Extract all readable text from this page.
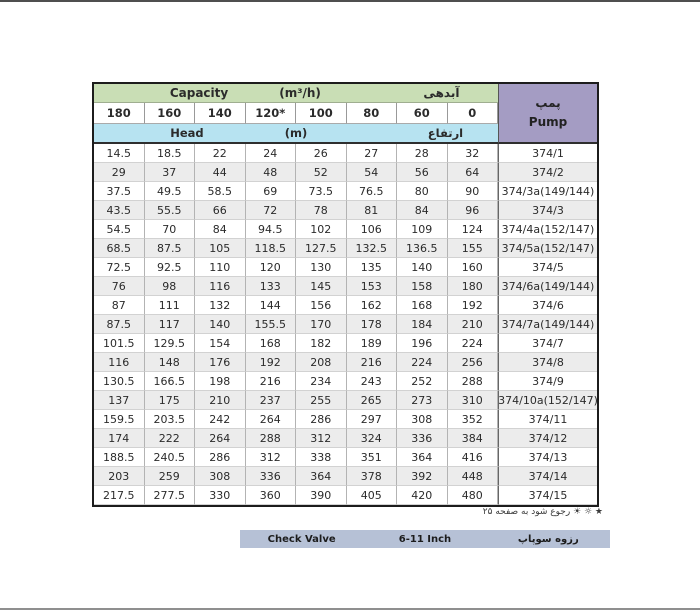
Capacity	(m³/h)	آبدهی
پمپ
Pump
180	160	140	120*	100	80	60	0
Head	(m)	ارتفاع
14.5	18.5	22	24	26	27	28	32	374/1
29	37	44	48	52	54	56	64	374/2
37.5	49.5	58.5	69	73.5	76.5	80	90	374/3a(149/144)
43.5	55.5	66	72	78	81	84	96	374/3
54.5	70	84	94.5	102	106	109	124	374/4a(152/147)
68.5	87.5	105	118.5	127.5	132.5	136.5	155	374/5a(152/147)
72.5	92.5	110	120	130	135	140	160	374/5
76	98	116	133	145	153	158	180	374/6a(149/144)
87	111	132	144	156	162	168	192	374/6
87.5	117	140	155.5	170	178	184	210	374/7a(149/144)
101.5	129.5	154	168	182	189	196	224	374/7
116	148	176	192	208	216	224	256	374/8
130.5	166.5	198	216	234	243	252	288	374/9
137	175	210	237	255	265	273	310	374/10a(152/147)
159.5	203.5	242	264	286	297	308	352	374/11
174	222	264	288	312	324	336	384	374/12
188.5	240.5	286	312	338	351	364	416	374/13
203	259	308	336	364	378	392	448	374/14
217.5	277.5	330	360	390	405	420	480	374/15
★ ☼ ☀ رجوع شود به صفحه ۲۵
Check Valve	6-11 Inch	رزوه سوپاپ
